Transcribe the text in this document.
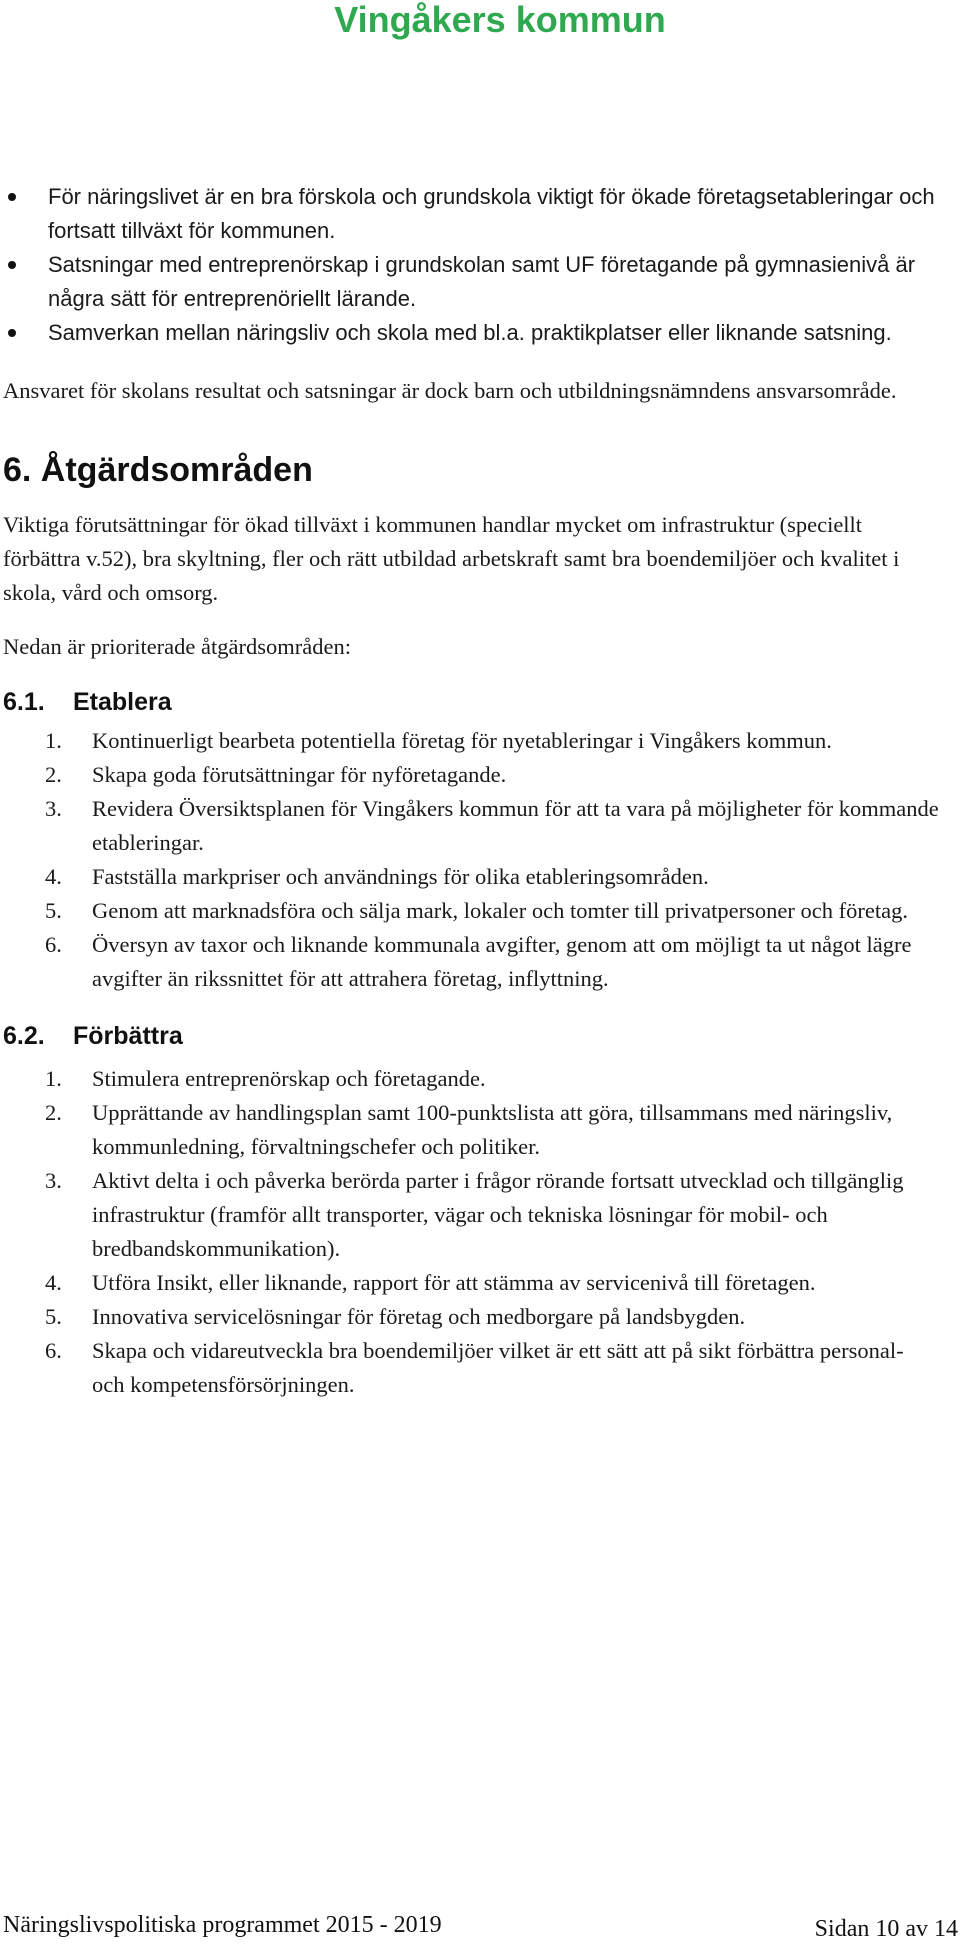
Vingåkers kommun
För näringslivet är en bra förskola och grundskola viktigt för ökade företagsetableringar och fortsatt tillväxt för kommunen.
Satsningar med entreprenörskap i grundskolan samt UF företagande på gymnasienivå är några sätt för entreprenöriellt lärande.
Samverkan mellan näringsliv och skola med bl.a. praktikplatser eller liknande satsning.

Ansvaret för skolans resultat och satsningar är dock barn och utbildningsnämndens ansvarsområde.

6. Åtgärdsområden

Viktiga förutsättningar för ökad tillväxt i kommunen handlar mycket om infrastruktur (speciellt förbättra v.52), bra skyltning, fler och rätt utbildad arbetskraft samt bra boendemiljöer och kvalitet i skola, vård och omsorg.

Nedan är prioriterade åtgärdsområden:

6.1.	Etablera
1. Kontinuerligt bearbeta potentiella företag för nyetableringar i Vingåkers kommun.
2. Skapa goda förutsättningar för nyföretagande.
3. Revidera Översiktsplanen för Vingåkers kommun för att ta vara på möjligheter för kommande etableringar.
4. Fastställa markpriser och användnings för olika etableringsområden.
5. Genom att marknadsföra och sälja mark, lokaler och tomter till privatpersoner och företag.
6. Översyn av taxor och liknande kommunala avgifter, genom att om möjligt ta ut något lägre avgifter än rikssnittet för att attrahera företag, inflyttning.
6.2.	Förbättra
1. Stimulera entreprenörskap och företagande.
2. Upprättande av handlingsplan samt 100-punktslista att göra, tillsammans med näringsliv, kommunledning, förvaltningschefer och politiker.
3. Aktivt delta i och påverka berörda parter i frågor rörande fortsatt utvecklad och tillgänglig infrastruktur (framför allt transporter, vägar och tekniska lösningar för mobil- och bredbandskommunikation).
4. Utföra Insikt, eller liknande, rapport för att stämma av servicenivå till företagen.
5. Innovativa servicelösningar för företag och medborgare på landsbygden.
6. Skapa och vidareutveckla bra boendemiljöer vilket är ett sätt att på sikt förbättra personal- och kompetensförsörjningen.
Näringslivspolitiska programmet 2015 - 2019	Sidan 10 av 14
